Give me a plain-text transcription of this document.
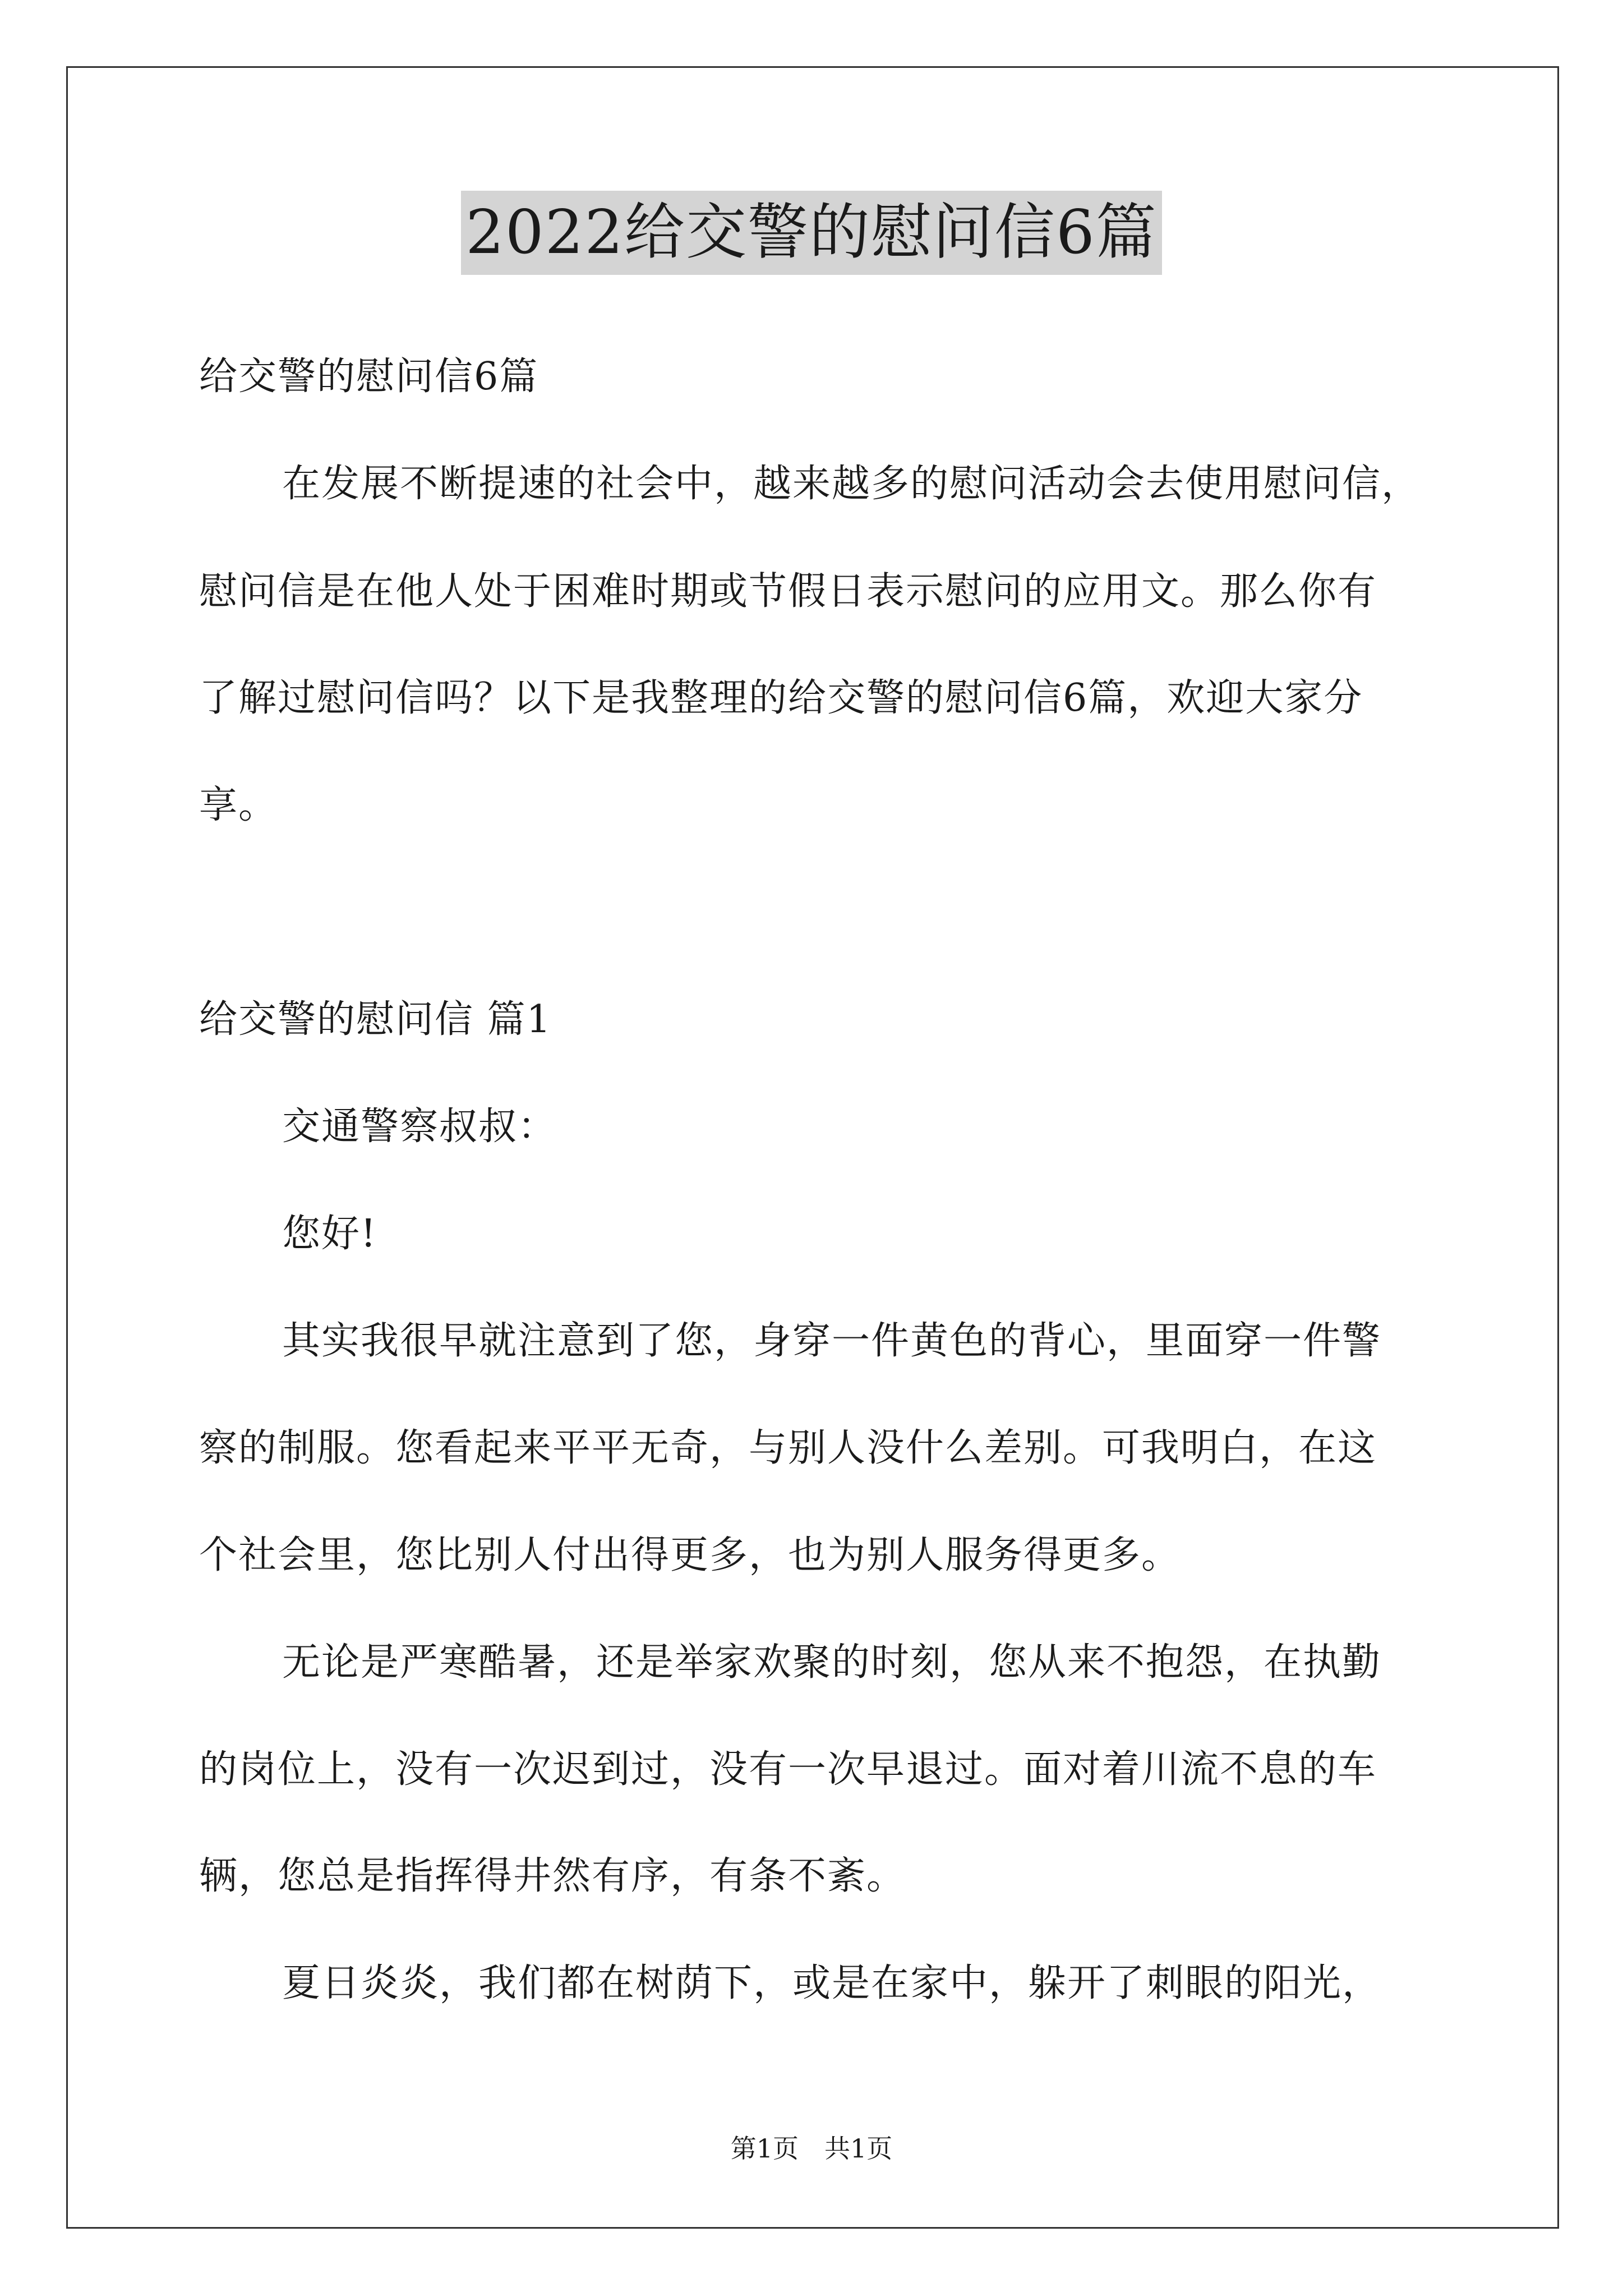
2022给交警的慰问信6篇
给交警的慰问信6篇
在发展不断提速的社会中，越来越多的慰问活动会去使用慰问信，
慰问信是在他人处于困难时期或节假日表示慰问的应用文。那么你有
了解过慰问信吗？以下是我整理的给交警的慰问信6篇，欢迎大家分
享。
给交警的慰问信 篇1
交通警察叔叔：
您好!
其实我很早就注意到了您，身穿一件黄色的背心，里面穿一件警
察的制服。您看起来平平无奇，与别人没什么差别。可我明白，在这
个社会里，您比别人付出得更多，也为别人服务得更多。
无论是严寒酷暑，还是举家欢聚的时刻，您从来不抱怨，在执勤
的岗位上，没有一次迟到过，没有一次早退过。面对着川流不息的车
辆，您总是指挥得井然有序，有条不紊。
夏日炎炎，我们都在树荫下，或是在家中，躲开了刺眼的阳光，
第1页　共1页
